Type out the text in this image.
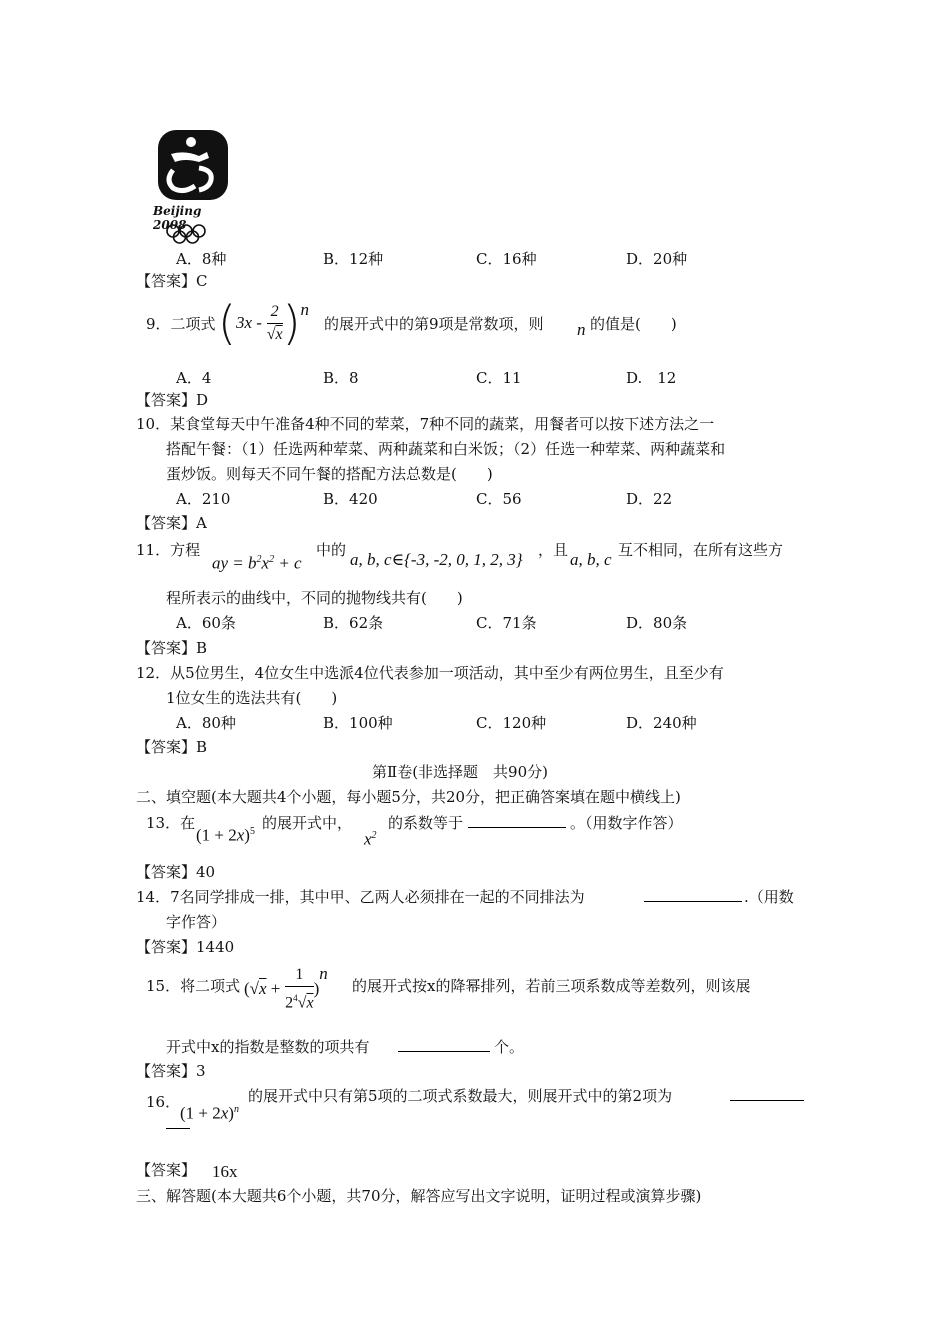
Beijing 2008
A．8种	B．12种	C．16种	D．20种
【答案】C
9．二项式 $(3x - \frac{2}{√x} )^n$
的展开式中的第9项是常数项，则 n 的值是(　　)
A．4	B．8	C．11	D.　12
【答案】D
10．某食堂每天中午准备4种不同的荤菜，7种不同的蔬菜，用餐者可以按下述方法之一
搭配午餐：（1）任选两种荤菜、两种蔬菜和白米饭；（2）任选一种荤菜、两种蔬菜和
蛋炒饭。则每天不同午餐的搭配方法总数是(　　)
A．210	B．420	C．56	D．22
【答案】A
11．方程
ay = $b^2x^2 + c$
中的 a, b, c∈{-3, -2, 0, 1, 2, 3} ，且 a, b, c 互不相同，在所有这些方
程所表示的曲线中，不同的抛物线共有(　　)
A．60条	B．62条	C．71条	D．80条
【答案】B
12．从5位男生，4位女生中选派4位代表参加一项活动，其中至少有两位男生，且至少有
1位女生的选法共有(　　)
A．80种	B．100种	C．120种	D．240种
【答案】B
第Ⅱ卷(非选择题　共90分)
二、填空题(本大题共4个小题，每小题5分，共20分，把正确答案填在题中横线上)
13．在
$(1 + 2x)^5$ 的展开式中，
$x^2$
的系数等于	。（用数字作答）
【答案】40
14．7名同学排成一排，其中甲、乙两人必须排在一起的不同排法为	.（用数
字作答）
【答案】1440
15．将二项式 $(√x + \frac{1}{2^4√x} )^n$
的展开式按x的降幂排列，若前三项系数成等差数列，则该展
开式中x的指数是整数的项共有	个。
【答案】3
$(1 + 2x)^n$
16．	的展开式中只有第5项的二项式系数最大，则展开式中的第2项为
【答案】 16x
三、解答题(本大题共6个小题，共70分，解答应写出文字说明，证明过程或演算步骤)
